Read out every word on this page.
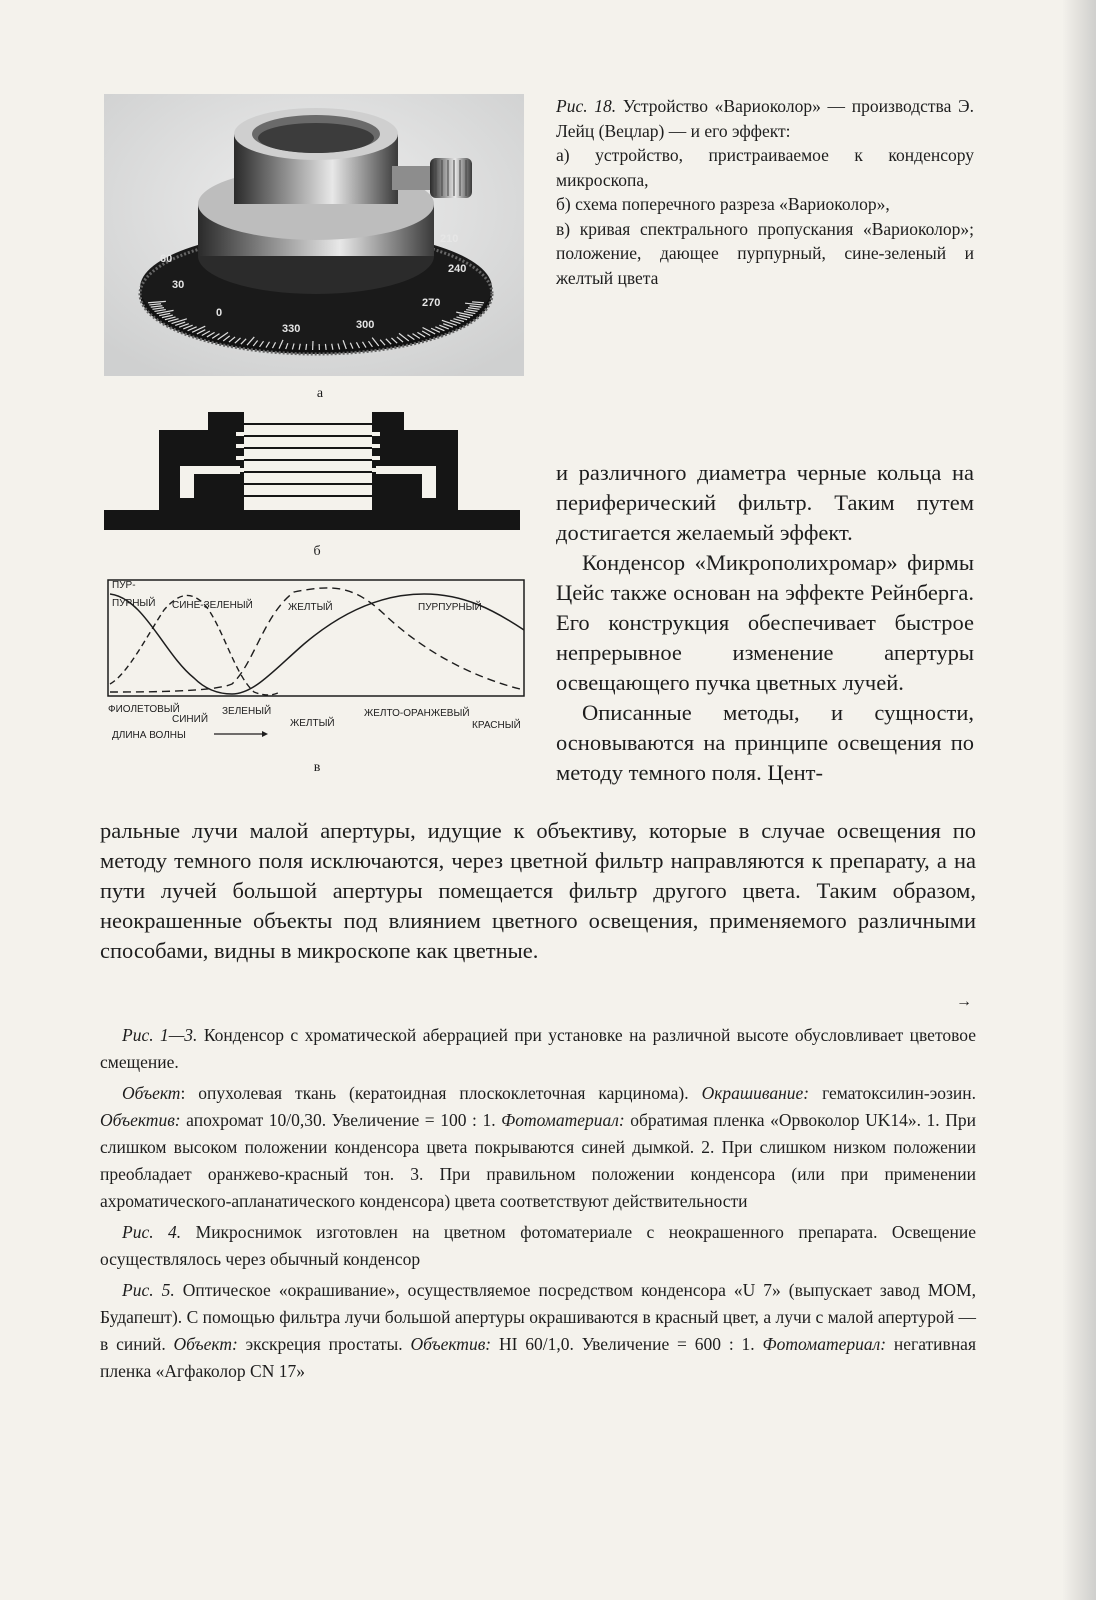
60
30
0
330	300
270
240
210
а
б
ПУР-
ПУРНЫЙ СИНЕ-ЗЕЛЕНЫЙ	ЖЕЛТЫЙ	ПУРПУРНЫЙ
ФИОЛЕТОВЫЙ
СИНИЙ
ЗЕЛЕНЫЙ
ЖЕЛТЫЙ
ЖЕЛТО-ОРАНЖЕВЫЙ
КРАСНЫЙ
ДЛИНА ВОЛНЫ
в

Рис. 18. Устройство «Вариоколор» — производства Э. Лейц (Вецлар) — и его эффект:

а) устройство, пристраиваемое к конденсору микроскопа,

б) схема поперечного разреза «Вариоколор»,

в) кривая спектрального пропускания «Вариоколор»; положение, дающее пурпурный, сине-зеленый и желтый цвета

и различного диаметра черные кольца на периферический фильтр. Таким путем достигается желаемый эффект.

Конденсор «Микрополихромар» фирмы Цейс также основан на эффекте Рейнберга. Его конструкция обеспечивает быстрое непрерывное изменение апертуры освещающего пучка цветных лучей.

Описанные методы, и сущности, основываются на принципе освещения по методу темного поля. Цент-

ральные лучи малой апертуры, идущие к объективу, которые в случае освещения по методу темного поля исключаются, через цветной фильтр направляются к препарату, а на пути лучей большой апертуры помещается фильтр другого цвета. Таким образом, неокрашенные объекты под влиянием цветного освещения, применяемого различными способами, видны в микроскопе как цветные.

→

Рис. 1—3. Конденсор с хроматической аберрацией при установке на различной высоте обусловливает цветовое смещение.

Объект: опухолевая ткань (кератоидная плоскоклеточная карцинома). Окрашивание: гематоксилин-эозин. Объектив: апохромат 10/0,30. Увеличение = 100 : 1. Фотоматериал: обратимая пленка «Орвоколор UK14». 1. При слишком высоком положении конденсора цвета покрываются синей дымкой. 2. При слишком низком положении преобладает оранжево-красный тон. 3. При правильном положении конденсора (или при применении ахроматического-апланатического конденсора) цвета соответствуют действительности

Рис. 4. Микроснимок изготовлен на цветном фотоматериале с неокрашенного препарата. Освещение осуществлялось через обычный конденсор

Рис. 5. Оптическое «окрашивание», осуществляемое посредством конденсора «U 7» (выпускает завод МОМ, Будапешт). С помощью фильтра лучи большой апертуры окрашиваются в красный цвет, а лучи с малой апертурой — в синий. Объект: экскреция простаты. Объектив: HI 60/1,0. Увеличение = 600 : 1. Фотоматериал: негативная пленка «Агфаколор CN 17»
